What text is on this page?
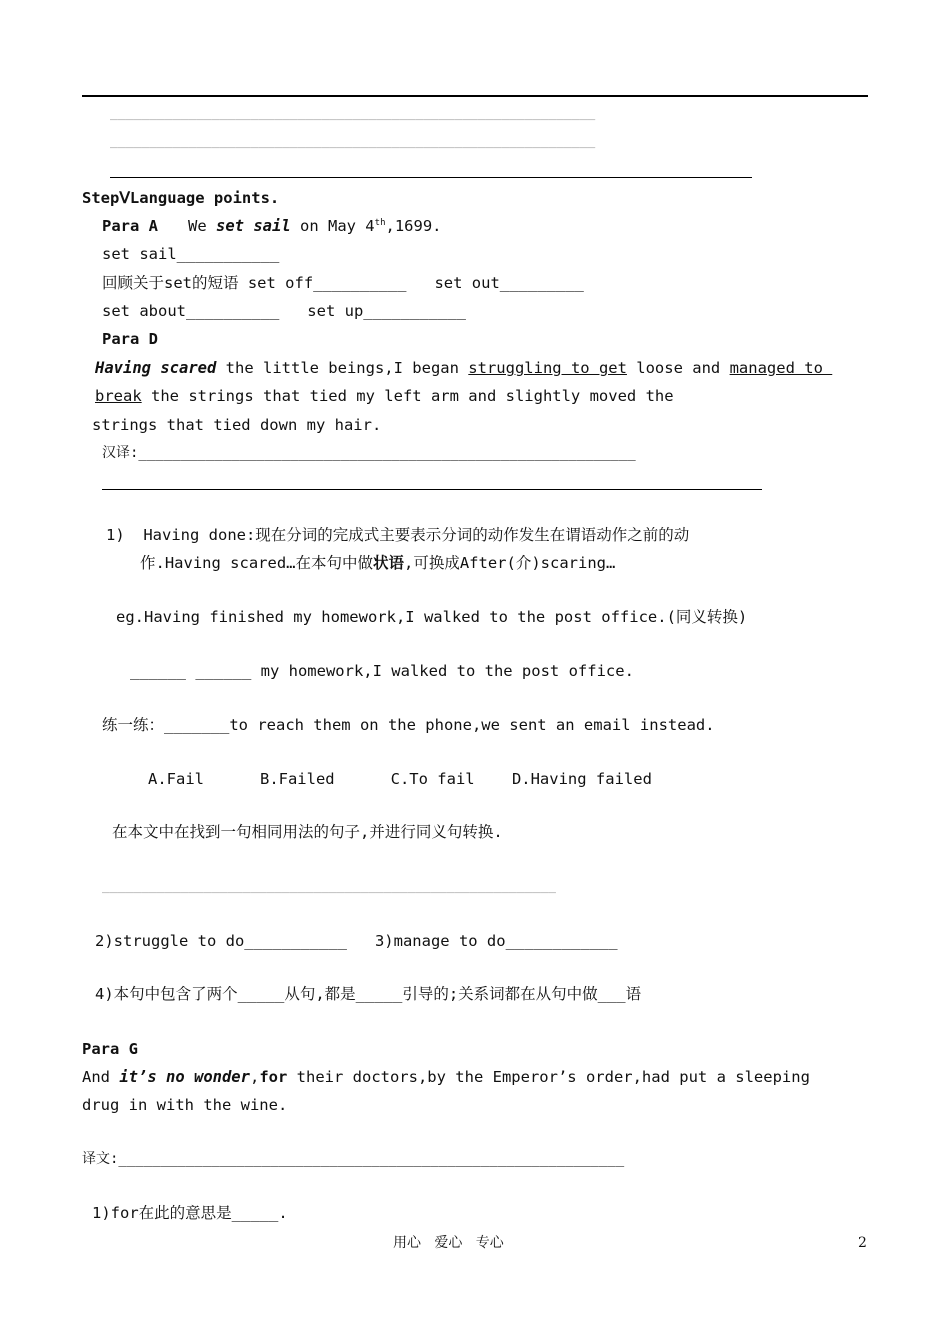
______________________________________________________________
______________________________________________________________
StepⅤLanguage points.
Para A We set sail on May 4th,1699.
set sail___________
回顾关于set的短语 set off__________   set out_________
set about__________   set up___________
Para D
Having scared the little beings,I began struggling to get loose and managed to
break the strings that tied my left arm and slightly moved the
strings that tied down my hair.
汉译:___________________________________________________________
1)  Having done:现在分词的完成式主要表示分词的动作发生在谓语动作之前的动
作.Having scared…在本句中做状语,可换成After(介)scaring…
eg.Having finished my homework,I walked to the post office.(同义转换)
______ ______ my homework,I walked to the post office.
练一练：_______to reach them on the phone,we sent an email instead.
A.Fail      B.Failed      C.To fail    D.Having failed
在本文中在找到一句相同用法的句子,并进行同义句转换.
__________________________________________________________
2)struggle to do___________   3)manage to do____________
4)本句中包含了两个_____从句,都是_____引导的;关系词都在从句中做___语
Para G
And it’s no wonder,for their doctors,by the Emperor’s order,had put a sleeping
drug in with the wine.
译文:____________________________________________________________
1)for在此的意思是_____.
用心   爱心   专心	2
